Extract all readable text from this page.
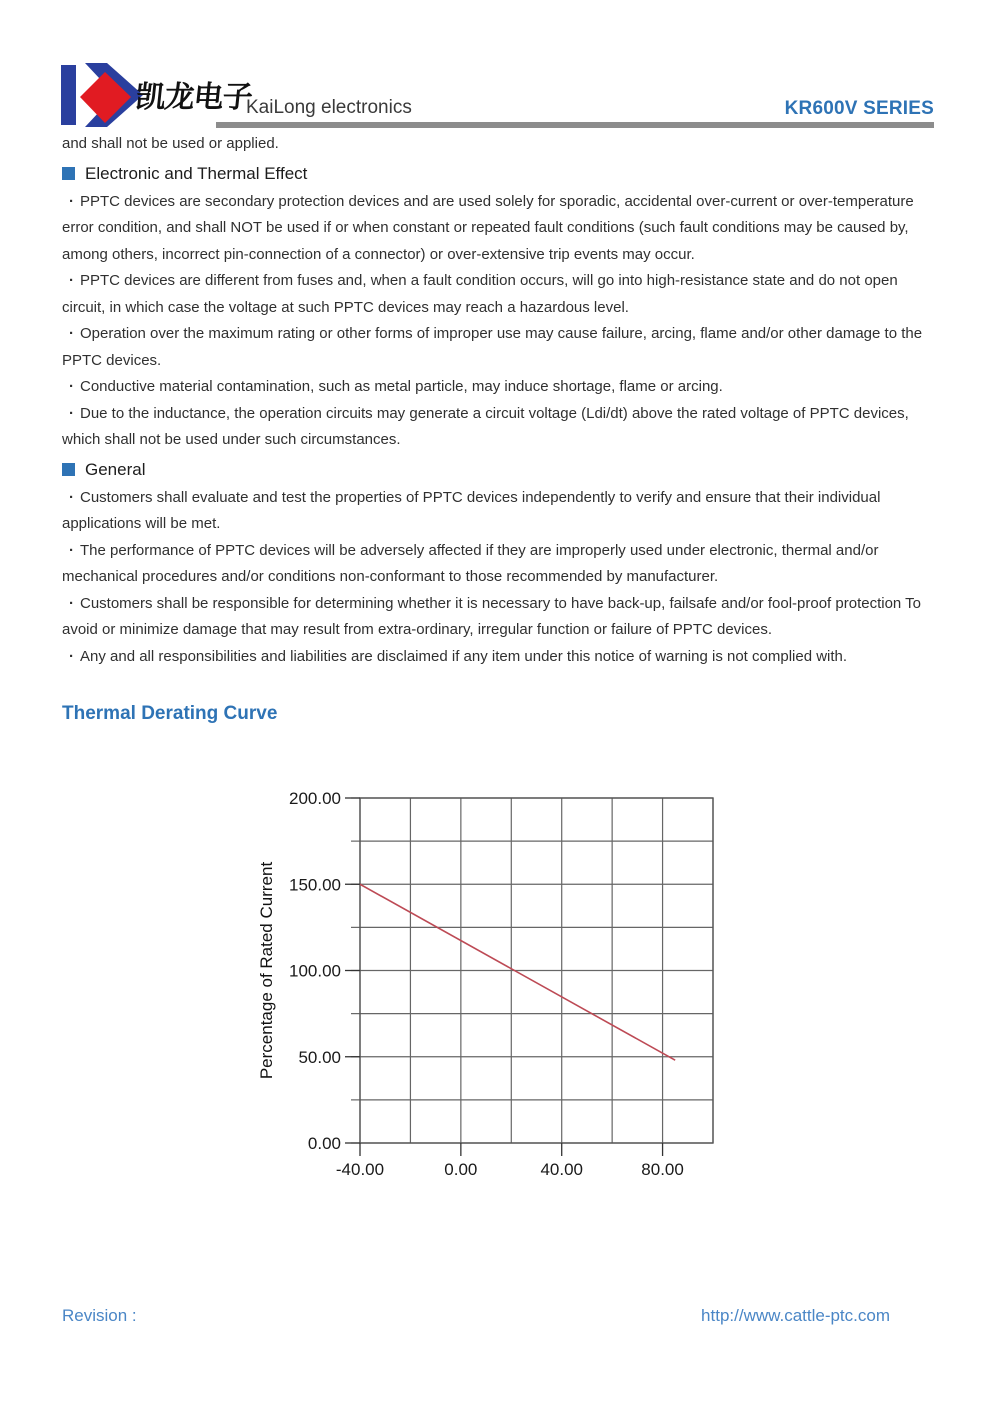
凯龙电子
KaiLong electronics	KR600V SERIES

and shall not be used or applied.

Electronic and Thermal Effect

· PPTC devices are secondary protection devices and are used solely for sporadic, accidental over-current or over-temperature error condition, and shall NOT be used if or when constant or repeated fault conditions (such fault conditions may be caused by, among others, incorrect pin-connection of a connector) or over-extensive trip events may occur.

· PPTC devices are different from fuses and, when a fault condition occurs, will go into high-resistance state and do not open circuit, in which case the voltage at such PPTC devices may reach a hazardous level.

· Operation over the maximum rating or other forms of improper use may cause failure, arcing, flame and/or other damage to the PPTC devices.

· Conductive material contamination, such as metal particle, may induce shortage, flame or arcing.

· Due to the inductance, the operation circuits may generate a circuit voltage (Ldi/dt) above the rated voltage of PPTC devices, which shall not be used under such circumstances.

General

· Customers shall evaluate and test the properties of PPTC devices independently to verify and ensure that their individual applications will be met.

· The performance of PPTC devices will be adversely affected if they are improperly used under electronic, thermal and/or mechanical procedures and/or conditions non-conformant to those recommended by manufacturer.

· Customers shall be responsible for determining whether it is necessary to have back-up, failsafe and/or fool-proof protection To avoid or minimize damage that may result from extra-ordinary, irregular function or failure of PPTC devices.

· Any and all responsibilities and liabilities are disclaimed if any item under this notice of warning is not complied with.

Thermal Derating Curve
0.00
50.00
100.00
150.00
200.00
-40.00	0.00	40.00	80.00
Percentage of Rated Current
Revision :	http://www.cattle-ptc.com
